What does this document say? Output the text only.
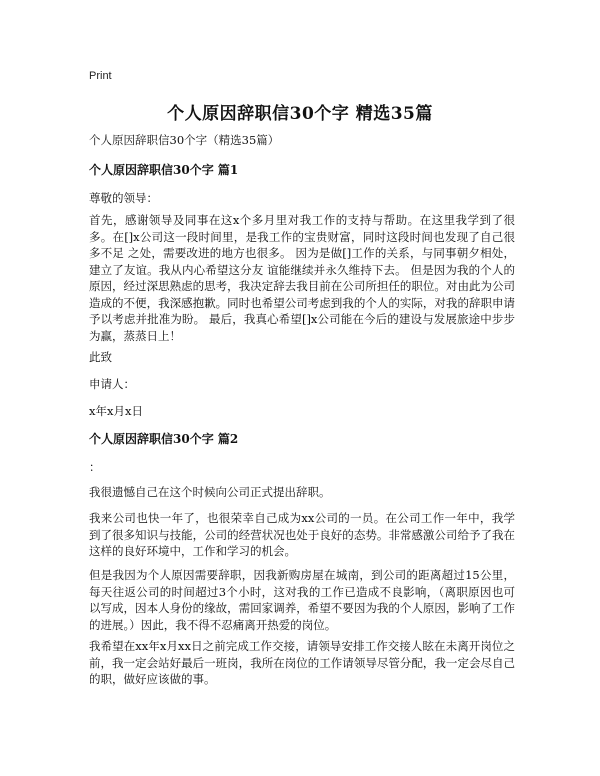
Print
个人原因辞职信30个字 精选35篇

个人原因辞职信30个字（精选35篇）

个人原因辞职信30个字 篇1

尊敬的领导：

首先，感谢领导及同事在这x个多月里对我工作的支持与帮助。在这里我学到了很多。在[]x公司这一段时间里，是我工作的宝贵财富，同时这段时间也发现了自己很多不足 之处，需要改进的地方也很多。 因为是做[]工作的关系，与同事朝夕相处，建立了友谊。我从内心希望这分友 谊能继续并永久维持下去。 但是因为我的个人的原因，经过深思熟虑的思考，我决定辞去我目前在公司所担任的职位。对由此为公司造成的不便，我深感抱歉。同时也希望公司考虑到我的个人的实际，对我的辞职申请予以考虑并批准为盼。 最后，我真心希望[]x公司能在今后的建设与发展旅途中步步为赢，蒸蒸日上！

此致

申请人：

x年x月x日

个人原因辞职信30个字 篇2

：

我很遗憾自己在这个时候向公司正式提出辞职。

我来公司也快一年了，也很荣幸自己成为xx公司的一员。在公司工作一年中，我学到了很多知识与技能，公司的经营状况也处于良好的态势。非常感激公司给予了我在这样的良好环境中，工作和学习的机会。

但是我因为个人原因需要辞职，因我新购房屋在城南，到公司的距离超过15公里，每天往返公司的时间超过3个小时，这对我的工作已造成不良影响，（离职原因也可以写成，因本人身份的缘故，需回家调养，希望不要因为我的个人原因，影响了工作的进展。）因此，我不得不忍痛离开热爱的岗位。

我希望在xx年x月xx日之前完成工作交接，请领导安排工作交接人眩在未离开岗位之前，我一定会站好最后一班岗，我所在岗位的工作请领导尽管分配，我一定会尽自己的职，做好应该做的事。
